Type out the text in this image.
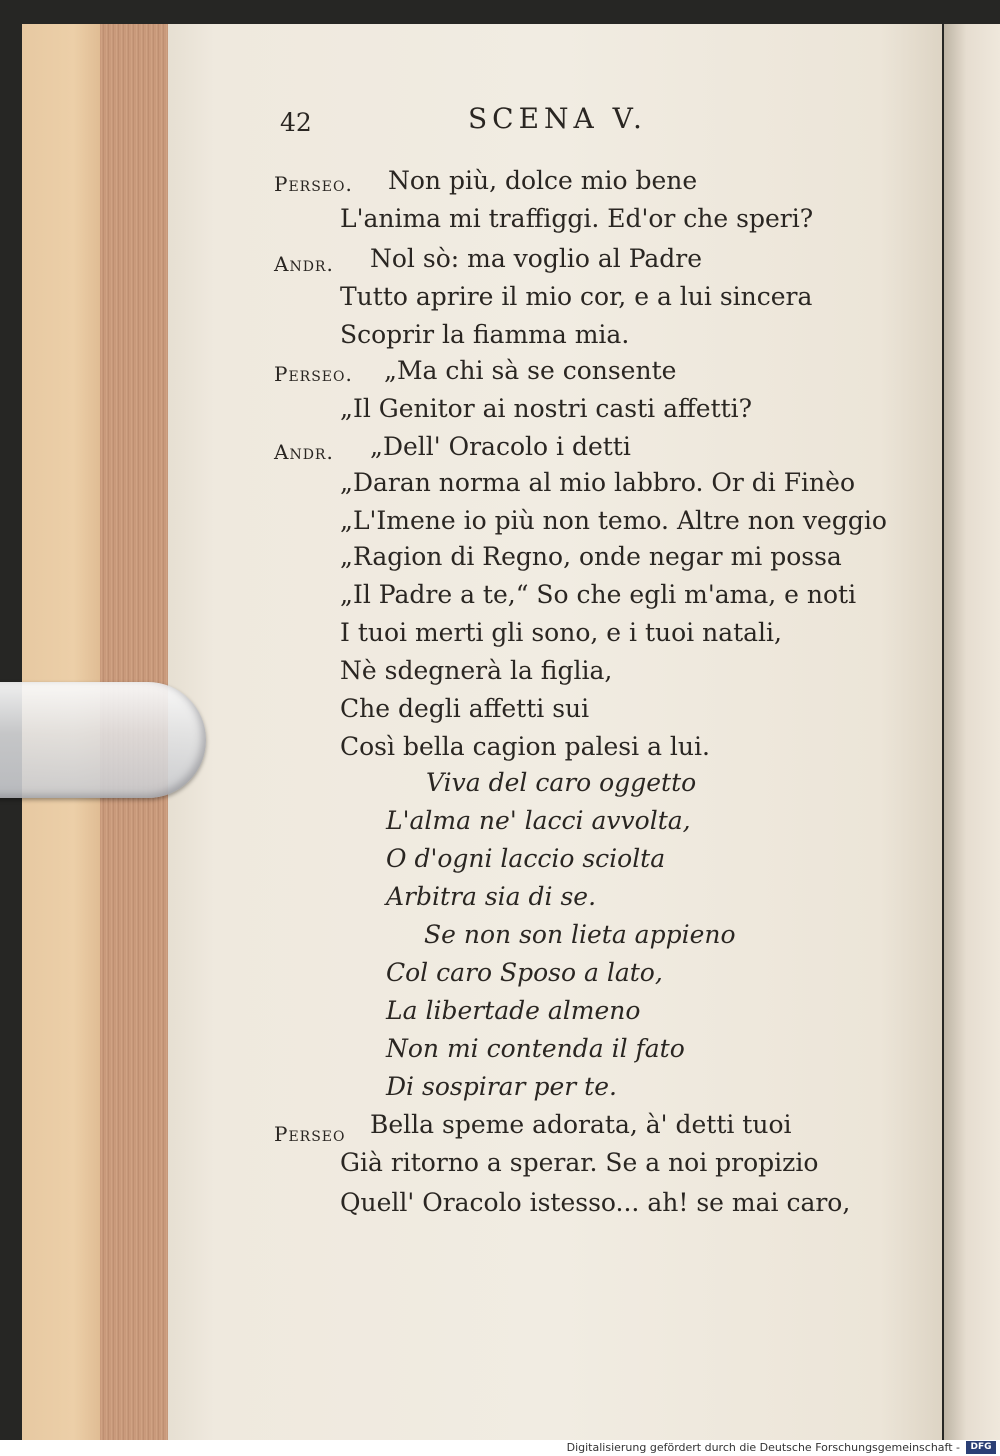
42	SCENA V.
Perseo.
Andr.
Perseo.
Andr.
Perseo
Non più, dolce mio bene
L'anima mi traffiggi. Ed'or che speri?
Nol sò: ma voglio al Padre
Tutto aprire il mio cor, e a lui sincera
Scoprir la fiamma mia.
„Ma chi sà se consente
„Il Genitor ai nostri casti affetti?
„Dell' Oracolo i detti
„Daran norma al mio labbro. Or di Finèo
„L'Imene io più non temo. Altre non veggio
„Ragion di Regno, onde negar mi possa
„Il Padre a te,“ So che egli m'ama, e noti
I tuoi merti gli sono, e i tuoi natali,
Nè sdegnerà la figlia,
Che degli affetti sui
Così bella cagion palesi a lui.
Viva del caro oggetto
L'alma ne' lacci avvolta,
O d'ogni laccio sciolta
Arbitra sia di se.
Se non son lieta appieno
Col caro Sposo a lato,
La libertade almeno
Non mi contenda il fato
Di sospirar per te.
Bella speme adorata, à' detti tuoi
Già ritorno a sperar. Se a noi propizio
Quell' Oracolo istesso... ah! se mai caro,
Digitalisierung gefördert durch die Deutsche Forschungsgemeinschaft -	DFG
